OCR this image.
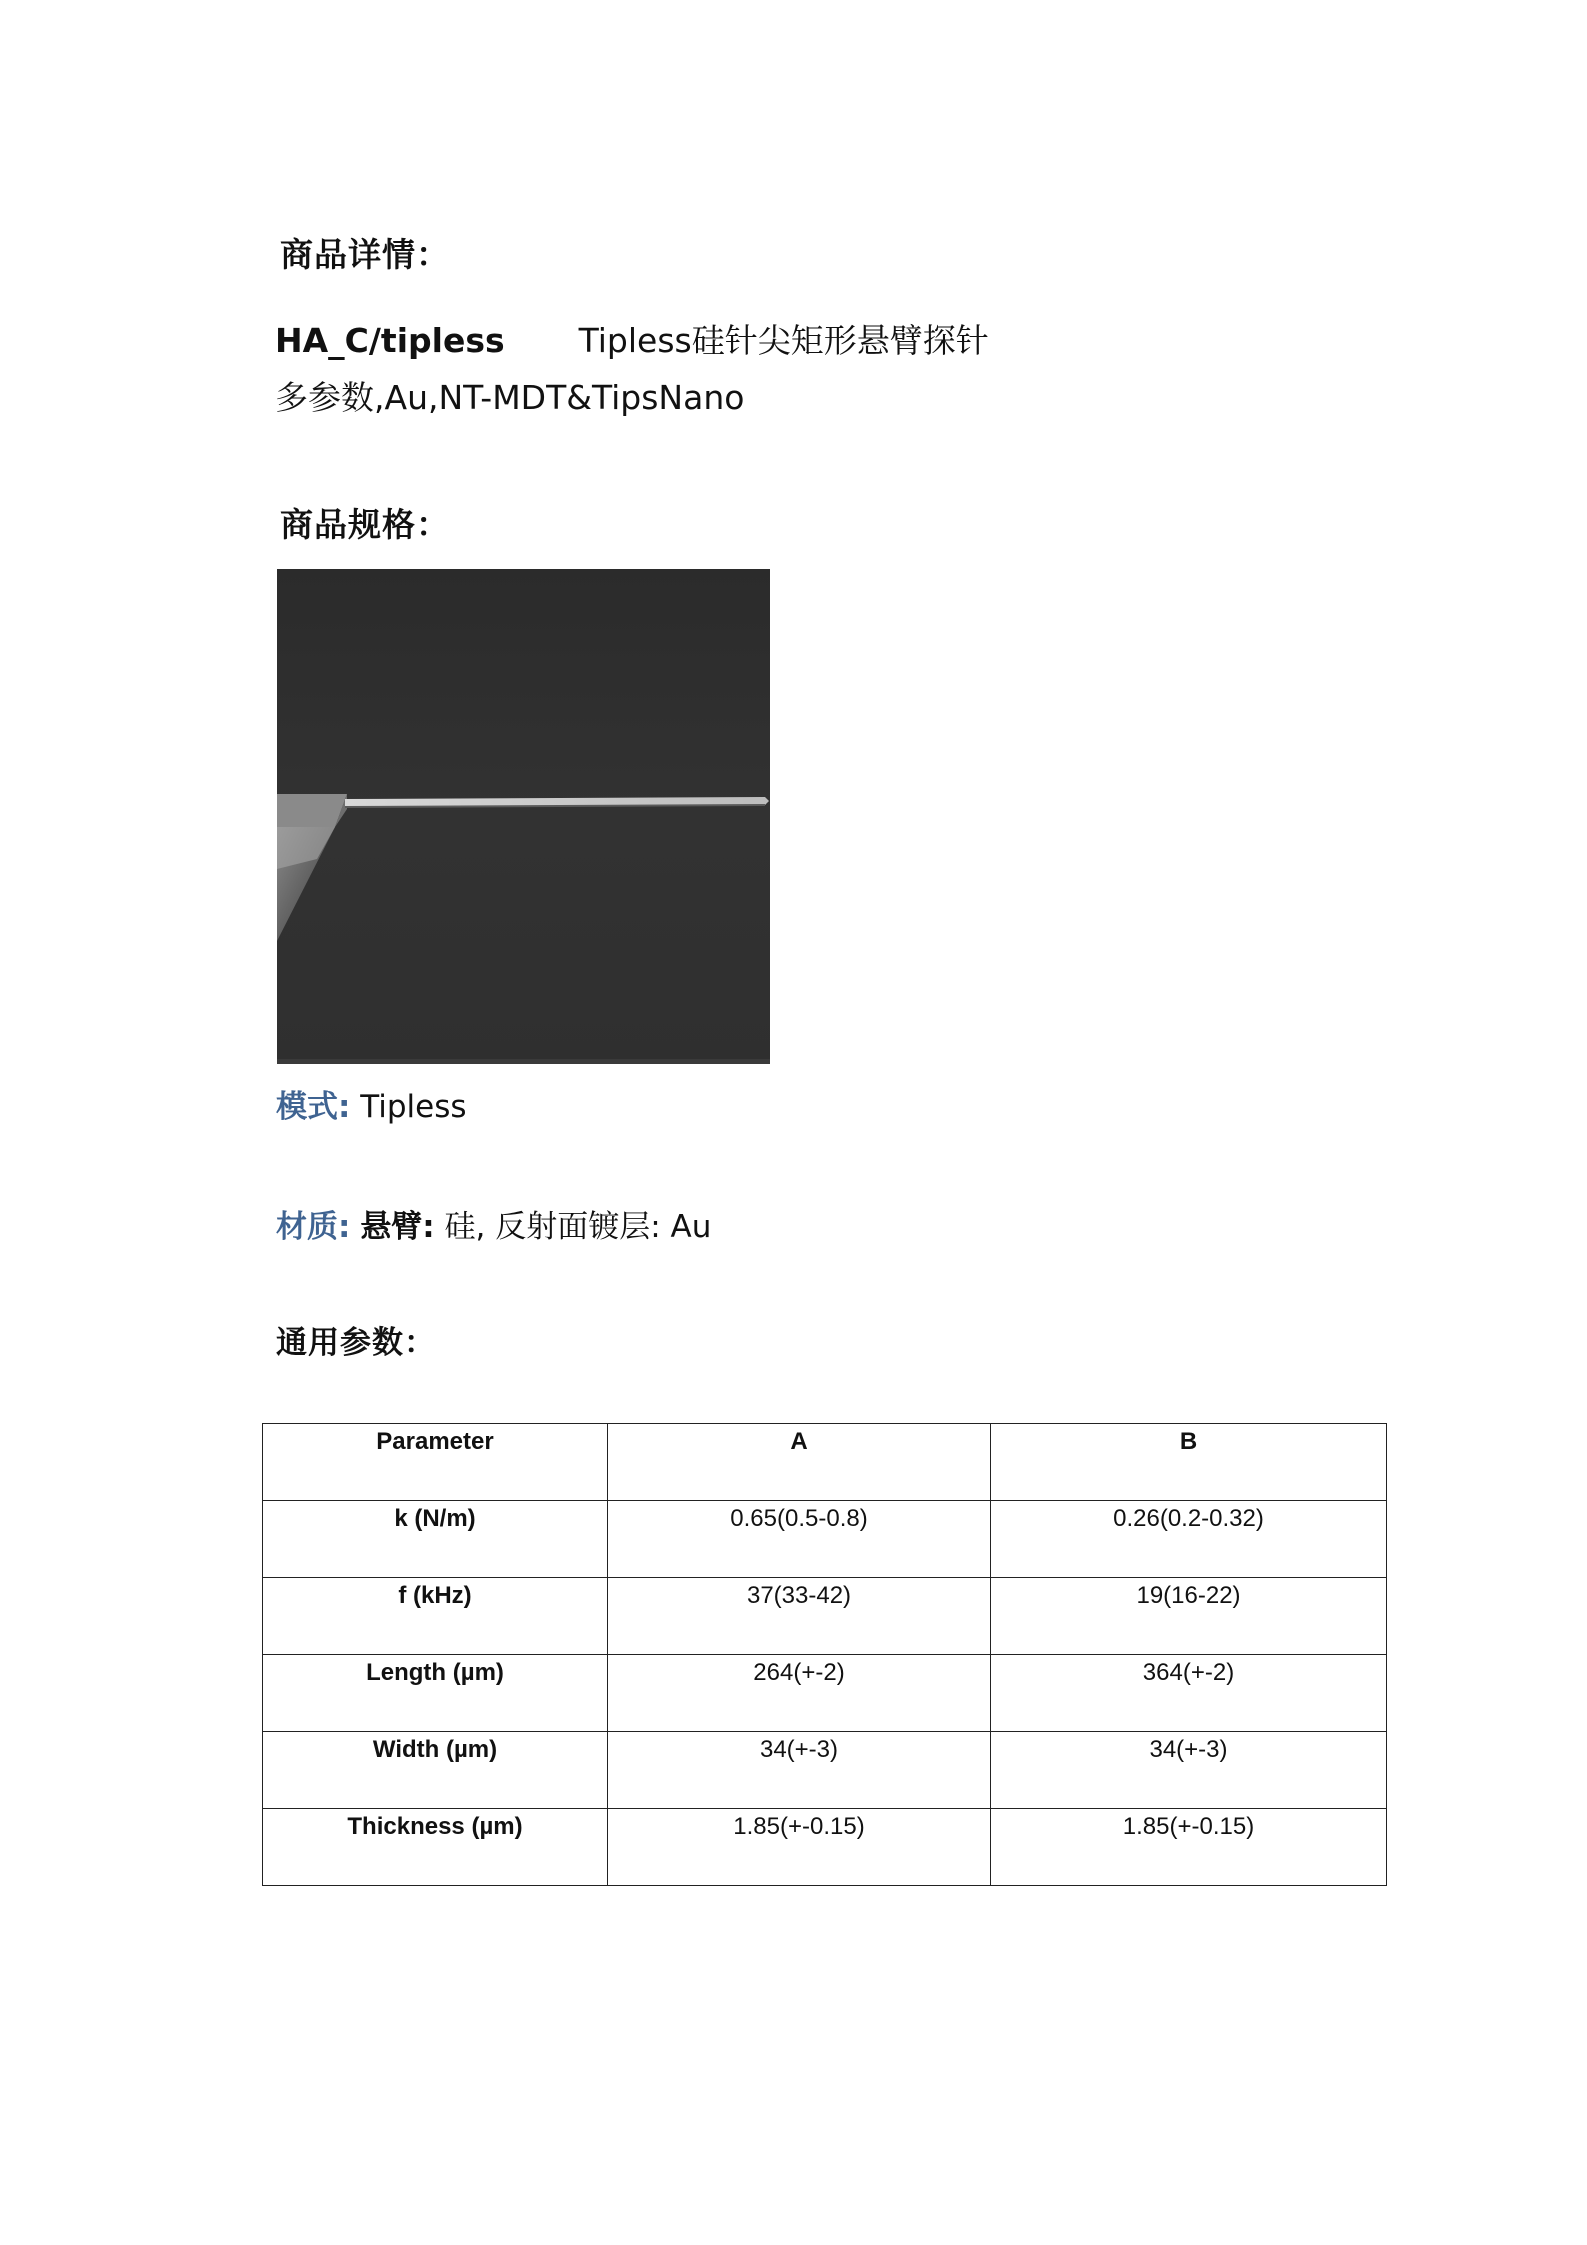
商品详情：
HA_C/tipless Tipless硅针尖矩形悬臂探针
多参数,Au,NT-MDT&TipsNano
商品规格：
模式: Tipless
材质: 悬臂: 硅, 反射面镀层: Au
通用参数：
Parameter	A	B
k (N/m)	0.65(0.5-0.8)	0.26(0.2-0.32)
f (kHz)	37(33-42)	19(16-22)
Length (µm)	264(+-2)	364(+-2)
Width (µm)	34(+-3)	34(+-3)
Thickness (µm)	1.85(+-0.15)	1.85(+-0.15)
